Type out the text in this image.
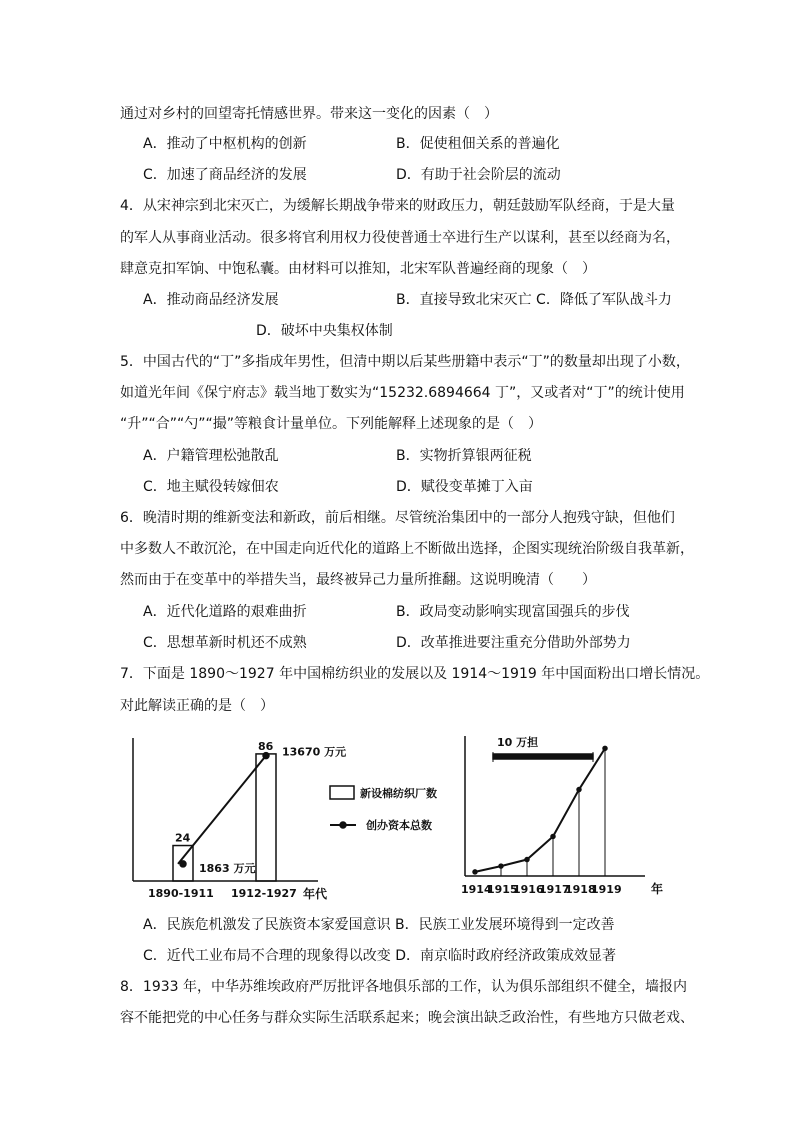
通过对乡村的回望寄托情感世界。带来这一变化的因素（　）
A．推动了中枢机构的创新	B．促使租佃关系的普遍化
C．加速了商品经济的发展	D．有助于社会阶层的流动
4．从宋神宗到北宋灭亡，为缓解长期战争带来的财政压力，朝廷鼓励军队经商，于是大量
的军人从事商业活动。很多将官利用权力役使普通士卒进行生产以谋利，甚至以经商为名，
肆意克扣军饷、中饱私囊。由材料可以推知，北宋军队普遍经商的现象（　）
A．推动商品经济发展	B．直接导致北宋灭亡 C．降低了军队战斗力
D．破坏中央集权体制
5．中国古代的“丁”多指成年男性，但清中期以后某些册籍中表示“丁”的数量却出现了小数，
如道光年间《保宁府志》载当地丁数实为“15232.6894664 丁”，又或者对“丁”的统计使用
“升”“合”“勺”“撮”等粮食计量单位。下列能解释上述现象的是（　）
A．户籍管理松弛散乱	B．实物折算银两征税
C．地主赋役转嫁佃农	D．赋役变革摊丁入亩
6．晚清时期的维新变法和新政，前后相继。尽管统治集团中的一部分人抱残守缺，但他们
中多数人不敢沉沦，在中国走向近代化的道路上不断做出选择，企图实现统治阶级自我革新，
然而由于在变革中的举措失当，最终被异己力量所推翻。这说明晚清（　　）
A．近代化道路的艰难曲折	B．政局变动影响实现富国强兵的步伐
C．思想革新时机还不成熟	D．改革推进要注重充分借助外部势力
7．下面是 1890～1927 年中国棉纺织业的发展以及 1914～1919 年中国面粉出口增长情况。
对此解读正确的是（　）
24
1863 万元
1890-1911
86 13670 万元
1912-1927 年代
新设棉纺织厂数
创办资本总数
1914
1915
1916
1917
1918
1919 年
10 万担
A．民族危机激发了民族资本家爱国意识 B．民族工业发展环境得到一定改善
C．近代工业布局不合理的现象得以改变 D．南京临时政府经济政策成效显著
8．1933 年，中华苏维埃政府严厉批评各地俱乐部的工作，认为俱乐部组织不健全，墙报内
容不能把党的中心任务与群众实际生活联系起来；晚会演出缺乏政治性，有些地方只做老戏、
